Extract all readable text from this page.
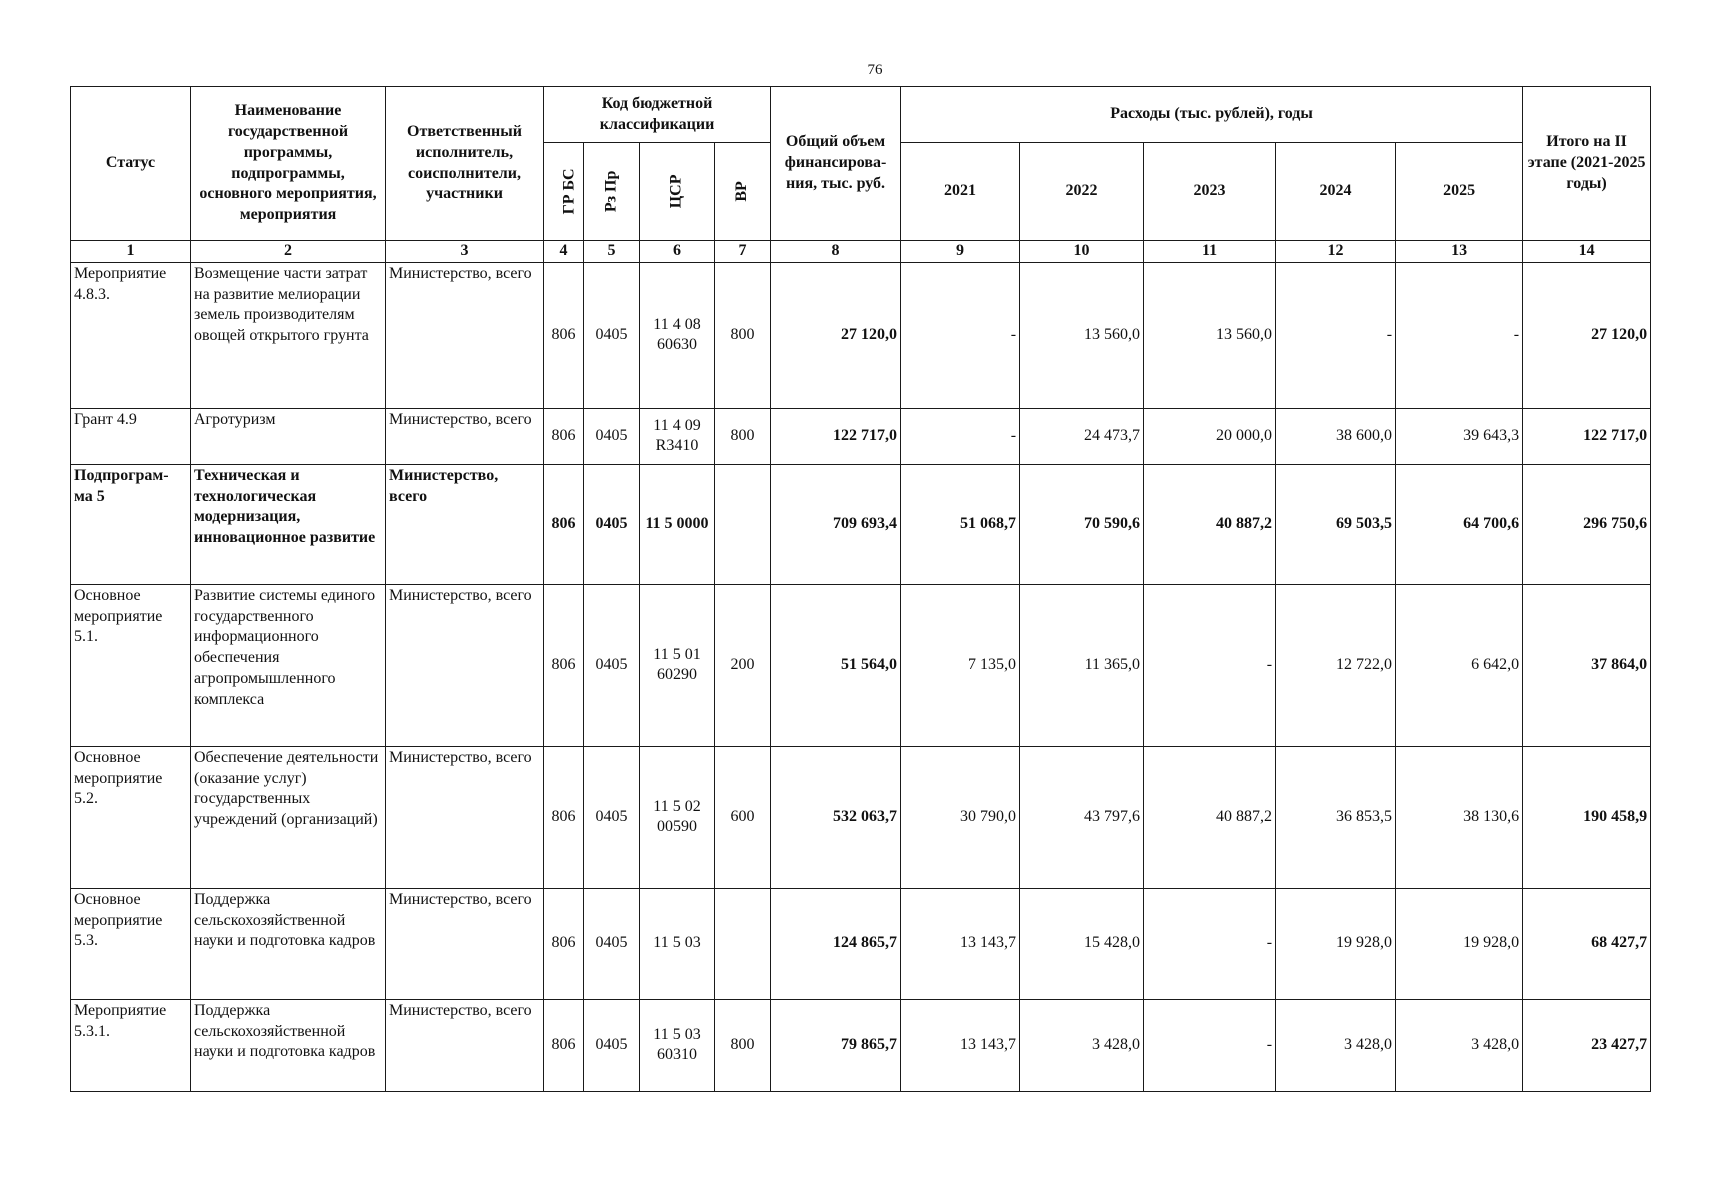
76
Статус	Наименование государственной программы, подпрограммы, основного мероприятия, мероприятия	Ответственный исполнитель, соисполнители, участники	Код бюджетной классификации				Общий объем финансирова-ния, тыс. руб.	Расходы (тыс. рублей), годы					Итого на II этапе (2021-2025 годы)
			ГР БС	Рз Пр	ЦСР	ВР		2021	2022	2023	2024	2025	
1	2	3	4	5	6	7	8	9	10	11	12	13	14
Мероприятие 4.8.3.	Возмещение части затрат на развитие мелиорации земель производителям овощей открытого грунта	Министерство, всего	806	0405	11 4 08 60630	800	27 120,0	-	13 560,0	13 560,0	-	-	27 120,0
Грант 4.9	Агротуризм	Министерство, всего	806	0405	11 4 09 R3410	800	122 717,0	-	24 473,7	20 000,0	38 600,0	39 643,3	122 717,0
Подпрограм-ма 5	Техническая и технологическая модернизация, инновационное развитие	Министерство, всего	806	0405	11 5 0000		709 693,4	51 068,7	70 590,6	40 887,2	69 503,5	64 700,6	296 750,6
Основное мероприятие 5.1.	Развитие системы единого государственного информационного обеспечения агропромышленного комплекса	Министерство, всего	806	0405	11 5 01 60290	200	51 564,0	7 135,0	11 365,0	-	12 722,0	6 642,0	37 864,0
Основное мероприятие 5.2.	Обеспечение деятельности (оказание услуг) государственных учреждений (организаций)	Министерство, всего	806	0405	11 5 02 00590	600	532 063,7	30 790,0	43 797,6	40 887,2	36 853,5	38 130,6	190 458,9
Основное мероприятие 5.3.	Поддержка сельскохозяйственной науки и подготовка кадров	Министерство, всего	806	0405	11 5 03		124 865,7	13 143,7	15 428,0	-	19 928,0	19 928,0	68 427,7
Мероприятие 5.3.1.	Поддержка сельскохозяйственной науки и подготовка кадров	Министерство, всего	806	0405	11 5 03 60310	800	79 865,7	13 143,7	3 428,0	-	3 428,0	3 428,0	23 427,7
